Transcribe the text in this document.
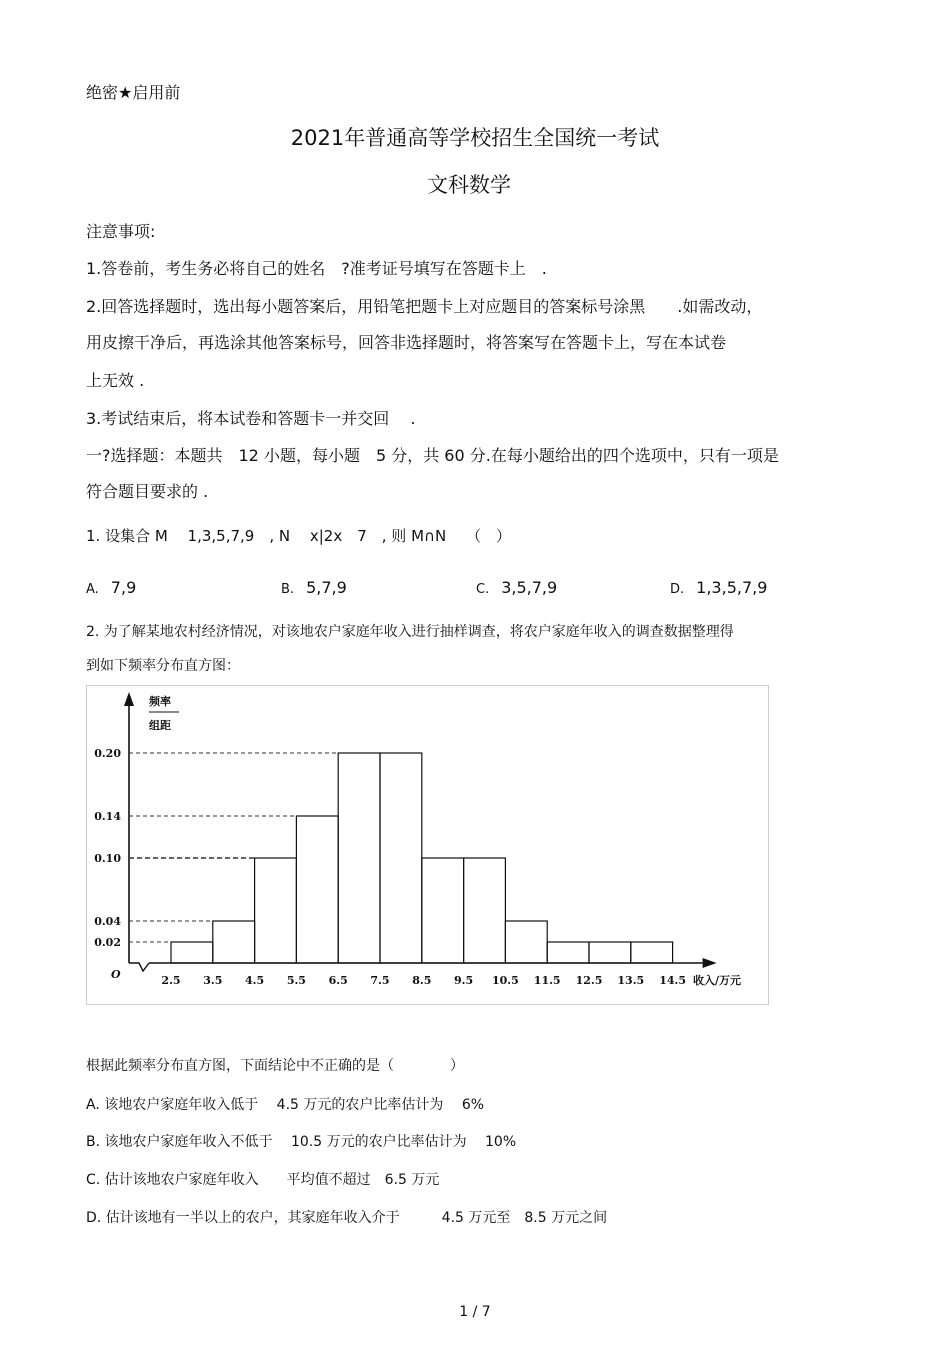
绝密★启用前
2021年普通高等学校招生全国统一考试
文科数学
注意事项:
1.答卷前，考生务必将自己的姓名　?准考证号填写在答题卡上　.
2.回答选择题时，选出每小题答案后，用铅笔把题卡上对应题目的答案标号涂黑　　.如需改动，
用皮擦干净后，再选涂其他答案标号，回答非选择题时，将答案写在答题卡上，写在本试卷
上无效 .
3.考试结束后，将本试卷和答题卡一并交回　 .
一?选择题：本题共　12 小题，每小题　5 分，共 60 分.在每小题给出的四个选项中，只有一项是
符合题目要求的 .
1. 设集合 M　 1,3,5,7,9　, N　 x|2x　7　, 则 M∩N　 （　）
A. 7,9	B. 5,7,9	C. 3,5,7,9	D. 1,3,5,7,9
2. 为了解某地农村经济情况，对该地农户家庭年收入进行抽样调查，将农户家庭年收入的调查数据整理得
到如下频率分布直方图：
频率
组距
O	收入/万元
0.02
0.04
0.10
0.14
0.20
2.5 3.5 4.5 5.5 6.5 7.5 8.5 9.5 10.5 11.5 12.5 13.5 14.5
根据此频率分布直方图，下面结论中不正确的是（　　　　）
A. 该地农户家庭年收入低于　 4.5 万元的农户比率估计为　 6%
B. 该地农户家庭年收入不低于　 10.5 万元的农户比率估计为　 10%
C. 估计该地农户家庭年收入　　平均值不超过　6.5 万元
D. 估计该地有一半以上的农户，其家庭年收入介于　　　4.5 万元至　8.5 万元之间
1 / 7
